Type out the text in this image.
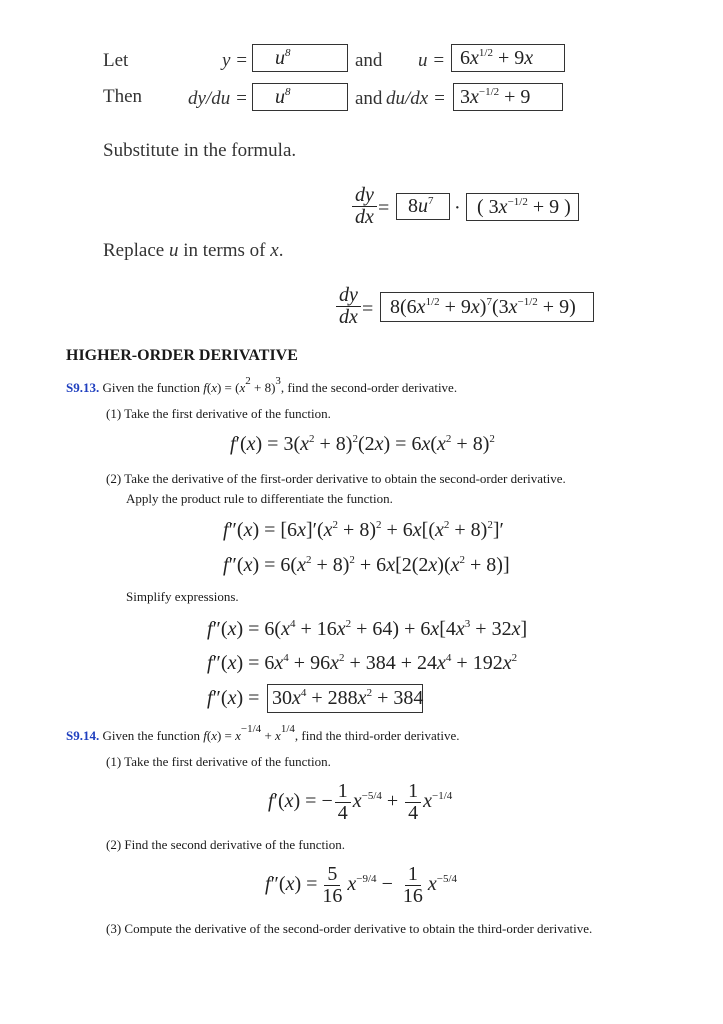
Let	$y = u^8$	and $u = 6x^{1/2} + 9x$
Then $dy/du = u^8$	and $du/dx = 3x^{-1/2} + 9$
Substitute in the formula.
$\frac{dy}{dx} = 8u^7$ · ( $3x^{-1/2} + 9$ )
Replace u in terms of x.
$\frac{dy}{dx} = 8(6x^{1/2} + 9x)^7(3x^{-1/2} + 9)$
HIGHER-ORDER DERIVATIVE
S9.13. Given the function $f(x) = (x^2 + 8)^3$, find the second-order derivative.
(1) Take the first derivative of the function.
$f'(x) = 3(x^2 + 8)^2(2x) = 6x(x^2 + 8)^2$
(2) Take the derivative of the first-order derivative to obtain the second-order derivative.
Apply the product rule to differentiate the function.
$f''(x) = [6x]'(x^2 + 8)^2 + 6x[(x^2 + 8)^2]'$
$f''(x) = 6(x^2 + 8)^2 + 6x[2(2x)(x^2 + 8)]$
Simplify expressions.
$f''(x) = 6(x^4 + 16x^2 + 64) + 6x[4x^3 + 32x]$
$f''(x) = 6x^4 + 96x^2 + 384 + 24x^4 + 192x^2$
$f''(x) = 30x^4 + 288x^2 + 384$
S9.14. Given the function $f(x) = x^{-1/4} + x^{1/4}$, find the third-order derivative.
(1) Take the first derivative of the function.
f′(x) = − $\frac{1}{4} x^{-5/4} + \frac{1}{4} x^{-1/4}$
(2) Find the second derivative of the function.
$f''(x) = \frac{5}{16} x^{-9/4} - \frac{1}{16} x^{-5/4}$
(3) Compute the derivative of the second-order derivative to obtain the third-order derivative.
